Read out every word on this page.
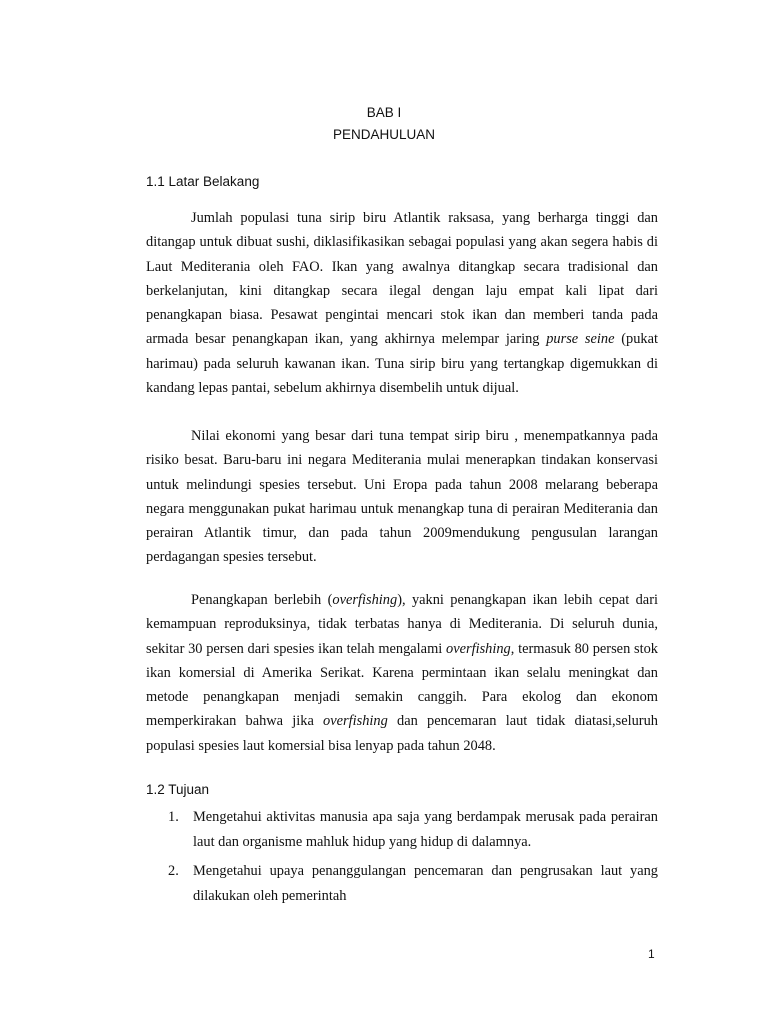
BAB I
PENDAHULUAN
1.1 Latar Belakang

Jumlah populasi tuna sirip biru Atlantik raksasa, yang berharga tinggi dan ditangap untuk dibuat sushi, diklasifikasikan sebagai populasi yang akan segera habis di Laut Mediterania oleh FAO. Ikan yang awalnya ditangkap secara tradisional dan berkelanjutan, kini ditangkap secara ilegal dengan laju empat kali lipat dari penangkapan biasa. Pesawat pengintai mencari stok ikan dan memberi tanda pada armada besar penangkapan ikan, yang akhirnya melempar jaring purse seine (pukat harimau) pada seluruh kawanan ikan. Tuna sirip biru yang tertangkap digemukkan di kandang lepas pantai, sebelum akhirnya disembelih untuk dijual.

Nilai ekonomi yang besar dari tuna tempat sirip biru , menempatkannya pada risiko besat. Baru-baru ini negara Mediterania mulai menerapkan tindakan konservasi untuk melindungi spesies tersebut. Uni Eropa pada tahun 2008 melarang beberapa negara menggunakan pukat harimau untuk menangkap tuna di perairan Mediterania dan perairan Atlantik timur, dan pada tahun 2009mendukung pengusulan larangan perdagangan spesies tersebut.

Penangkapan berlebih (overfishing), yakni penangkapan ikan lebih cepat dari kemampuan reproduksinya, tidak terbatas hanya di Mediterania. Di seluruh dunia, sekitar 30 persen dari spesies ikan telah mengalami overfishing, termasuk 80 persen stok ikan komersial di Amerika Serikat. Karena permintaan ikan selalu meningkat dan metode penangkapan menjadi semakin canggih. Para ekolog dan ekonom memperkirakan bahwa jika overfishing dan pencemaran laut tidak diatasi,seluruh populasi spesies laut komersial bisa lenyap pada tahun 2048.

1.2 Tujuan
1. Mengetahui aktivitas manusia apa saja yang berdampak merusak pada perairan laut dan organisme mahluk hidup yang hidup di dalamnya.
2. Mengetahui upaya penanggulangan pencemaran dan pengrusakan laut yang dilakukan oleh pemerintah
1
